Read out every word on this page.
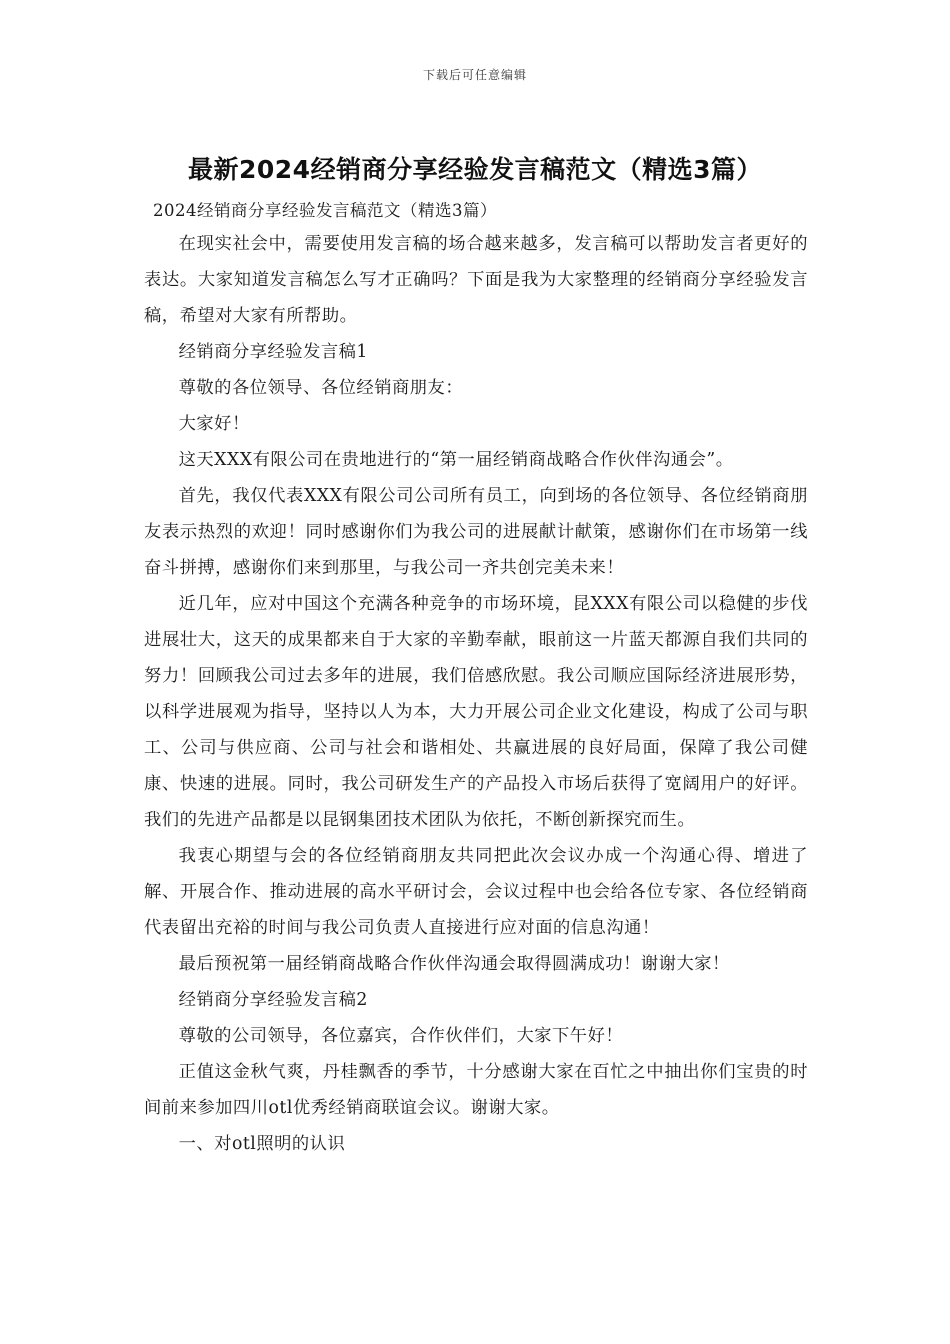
下载后可任意编辑
最新2024经销商分享经验发言稿范文（精选3篇）

2024经销商分享经验发言稿范文（精选3篇）

在现实社会中，需要使用发言稿的场合越来越多，发言稿可以帮助发言者更好的表达。大家知道发言稿怎么写才正确吗？下面是我为大家整理的经销商分享经验发言稿，希望对大家有所帮助。

经销商分享经验发言稿1

尊敬的各位领导、各位经销商朋友：

大家好！

这天XXX有限公司在贵地进行的“第一届经销商战略合作伙伴沟通会”。

首先，我仅代表XXX有限公司公司所有员工，向到场的各位领导、各位经销商朋友表示热烈的欢迎！同时感谢你们为我公司的进展献计献策，感谢你们在市场第一线奋斗拼搏，感谢你们来到那里，与我公司一齐共创完美未来！

近几年，应对中国这个充满各种竞争的市场环境，昆XXX有限公司以稳健的步伐进展壮大，这天的成果都来自于大家的辛勤奉献，眼前这一片蓝天都源自我们共同的努力！回顾我公司过去多年的进展，我们倍感欣慰。我公司顺应国际经济进展形势，以科学进展观为指导，坚持以人为本，大力开展公司企业文化建设，构成了公司与职工、公司与供应商、公司与社会和谐相处、共赢进展的良好局面，保障了我公司健康、快速的进展。同时，我公司研发生产的产品投入市场后获得了宽阔用户的好评。我们的先进产品都是以昆钢集团技术团队为依托，不断创新探究而生。

我衷心期望与会的各位经销商朋友共同把此次会议办成一个沟通心得、增进了解、开展合作、推动进展的高水平研讨会，会议过程中也会给各位专家、各位经销商代表留出充裕的时间与我公司负责人直接进行应对面的信息沟通！

最后预祝第一届经销商战略合作伙伴沟通会取得圆满成功！谢谢大家！

经销商分享经验发言稿2

尊敬的公司领导，各位嘉宾，合作伙伴们，大家下午好！

正值这金秋气爽，丹桂飘香的季节，十分感谢大家在百忙之中抽出你们宝贵的时间前来参加四川otl优秀经销商联谊会议。谢谢大家。

一、对otl照明的认识
